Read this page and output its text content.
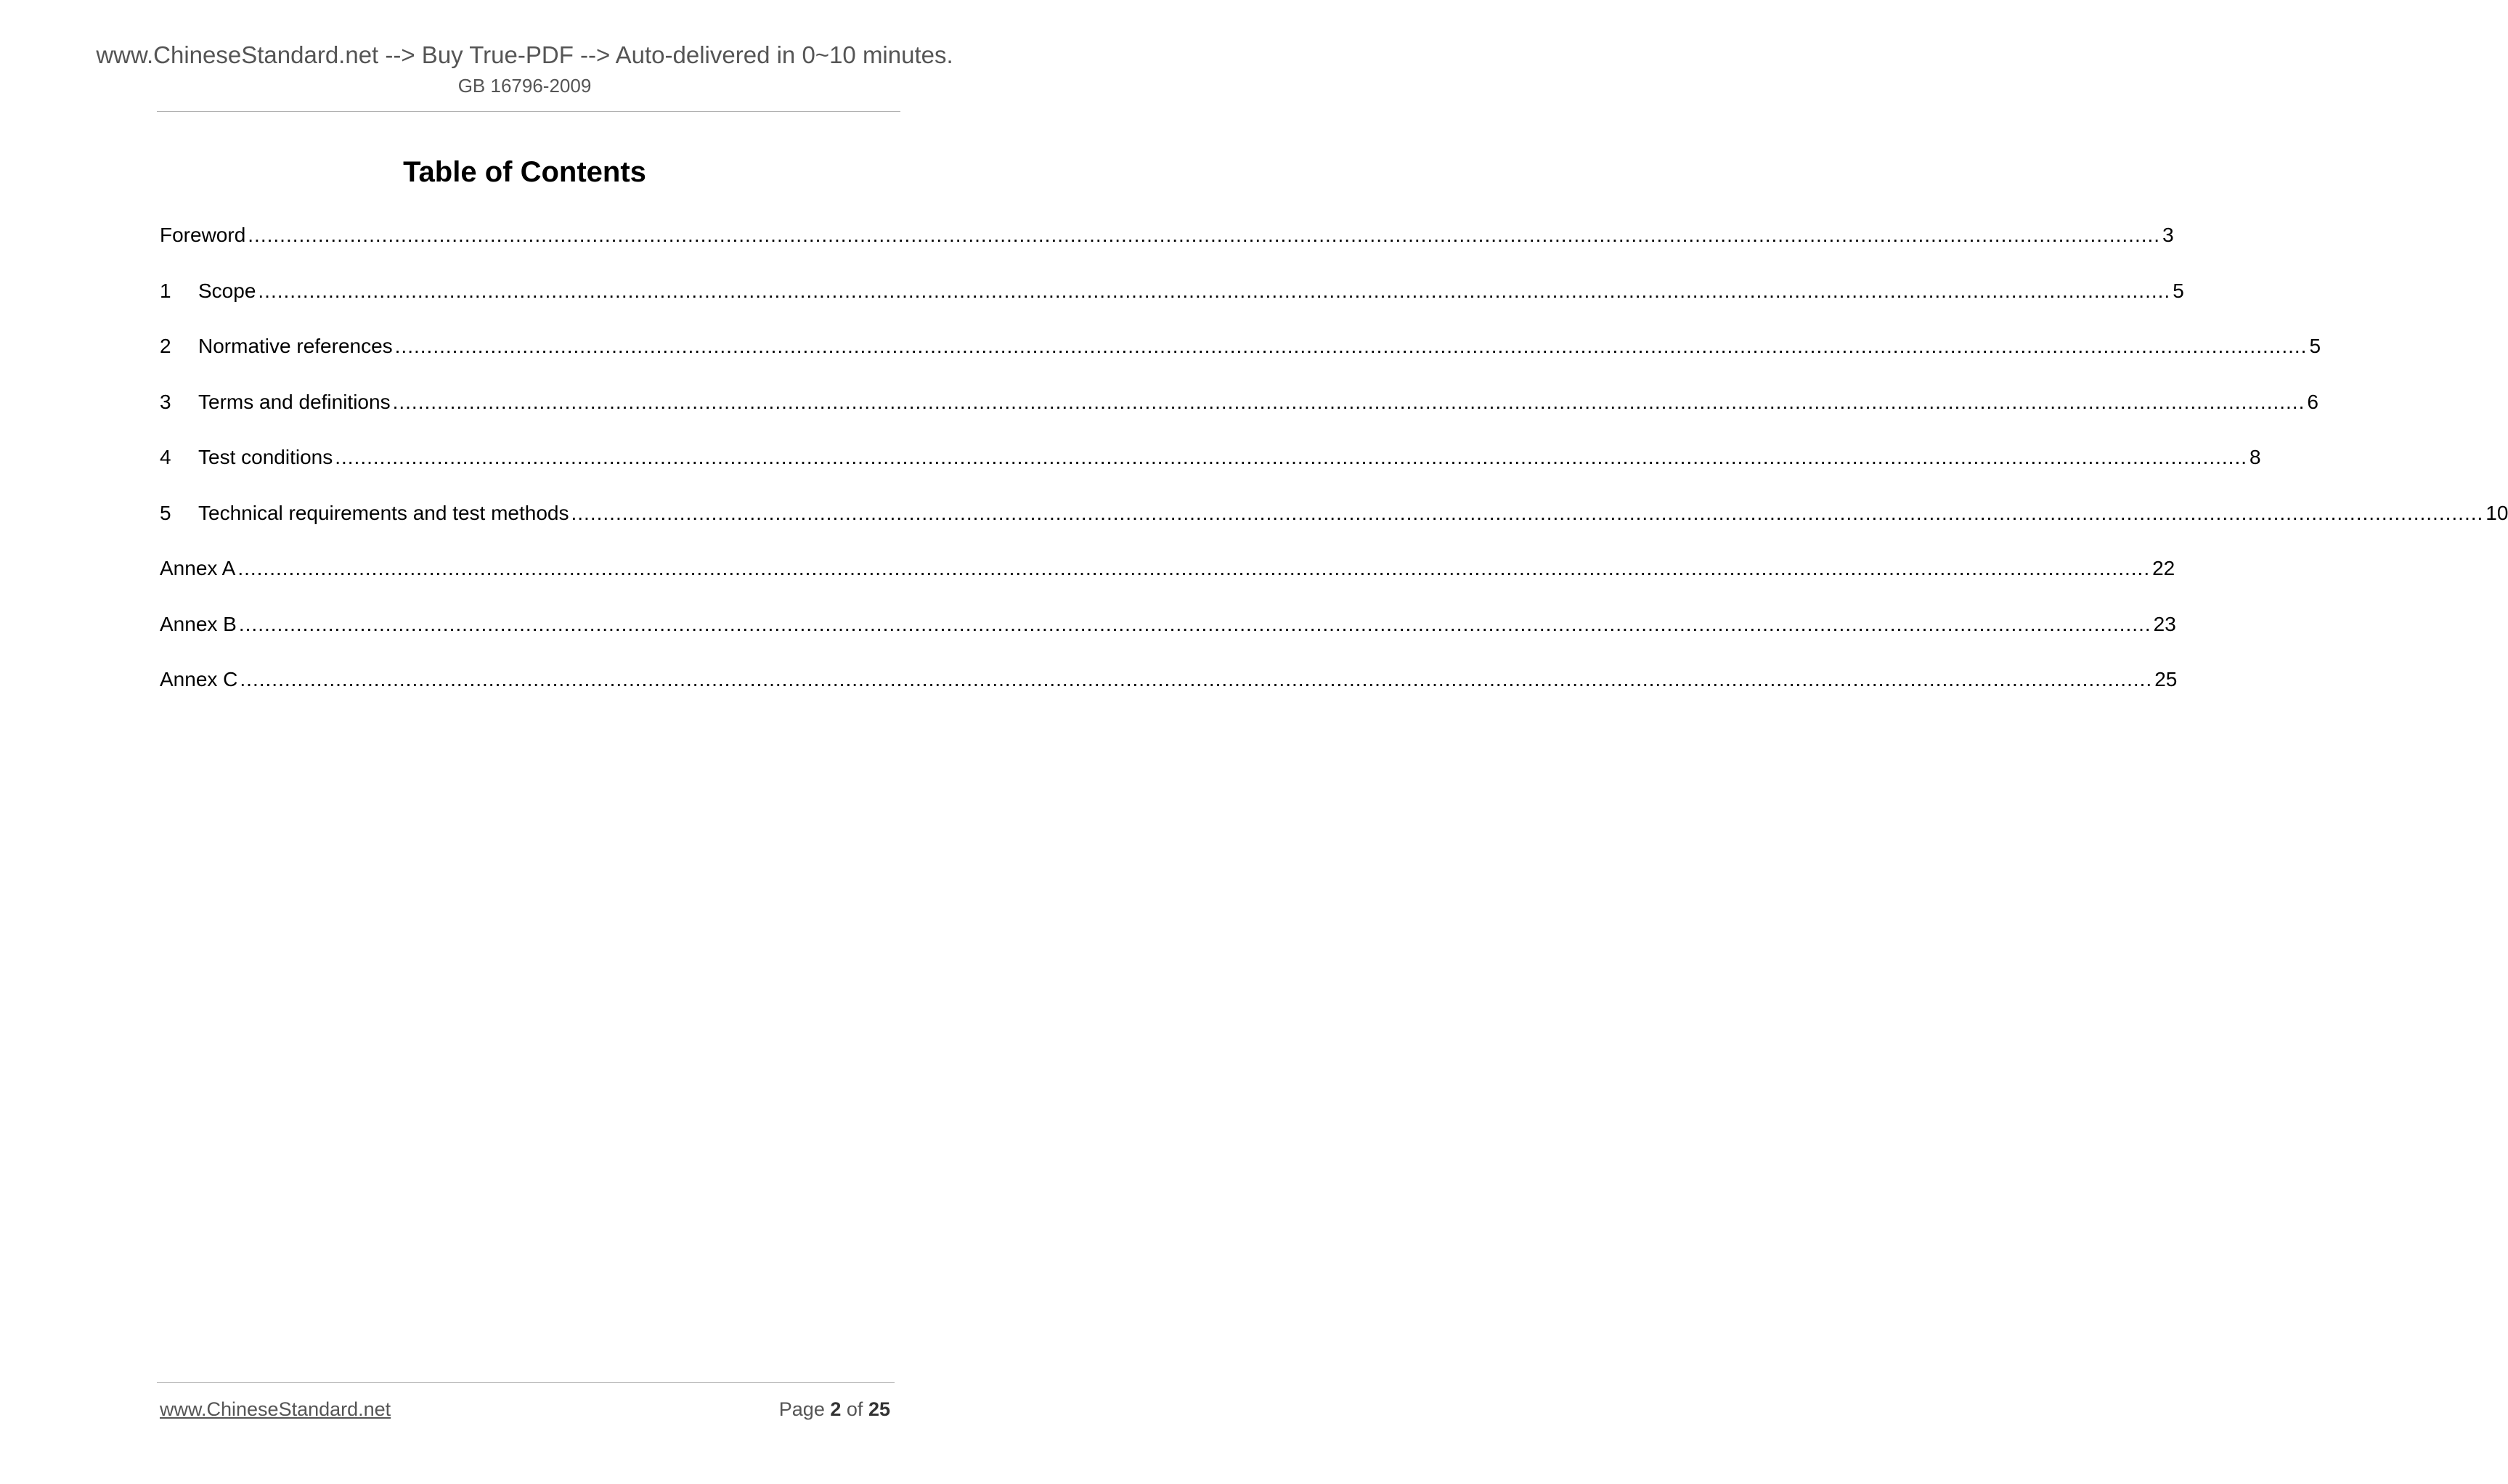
www.ChineseStandard.net --> Buy True-PDF --> Auto-delivered in 0~10 minutes.
GB 16796-2009
Table of Contents
Foreword ............................................................................................................................................................................................................................................................................................................ 3
1	Scope ............................................................................................................................................................................................................................................................................................................ 5
2	Normative references ............................................................................................................................................................................................................................................................................................................ 5
3	Terms and definitions ............................................................................................................................................................................................................................................................................................................ 6
4	Test conditions ............................................................................................................................................................................................................................................................................................................ 8
5	Technical requirements and test methods ............................................................................................................................................................................................................................................................................................................ 10
Annex A ............................................................................................................................................................................................................................................................................................................ 22
Annex B ............................................................................................................................................................................................................................................................................................................ 23
Annex C ............................................................................................................................................................................................................................................................................................................ 25
www.ChineseStandard.net	Page 2 of 25
